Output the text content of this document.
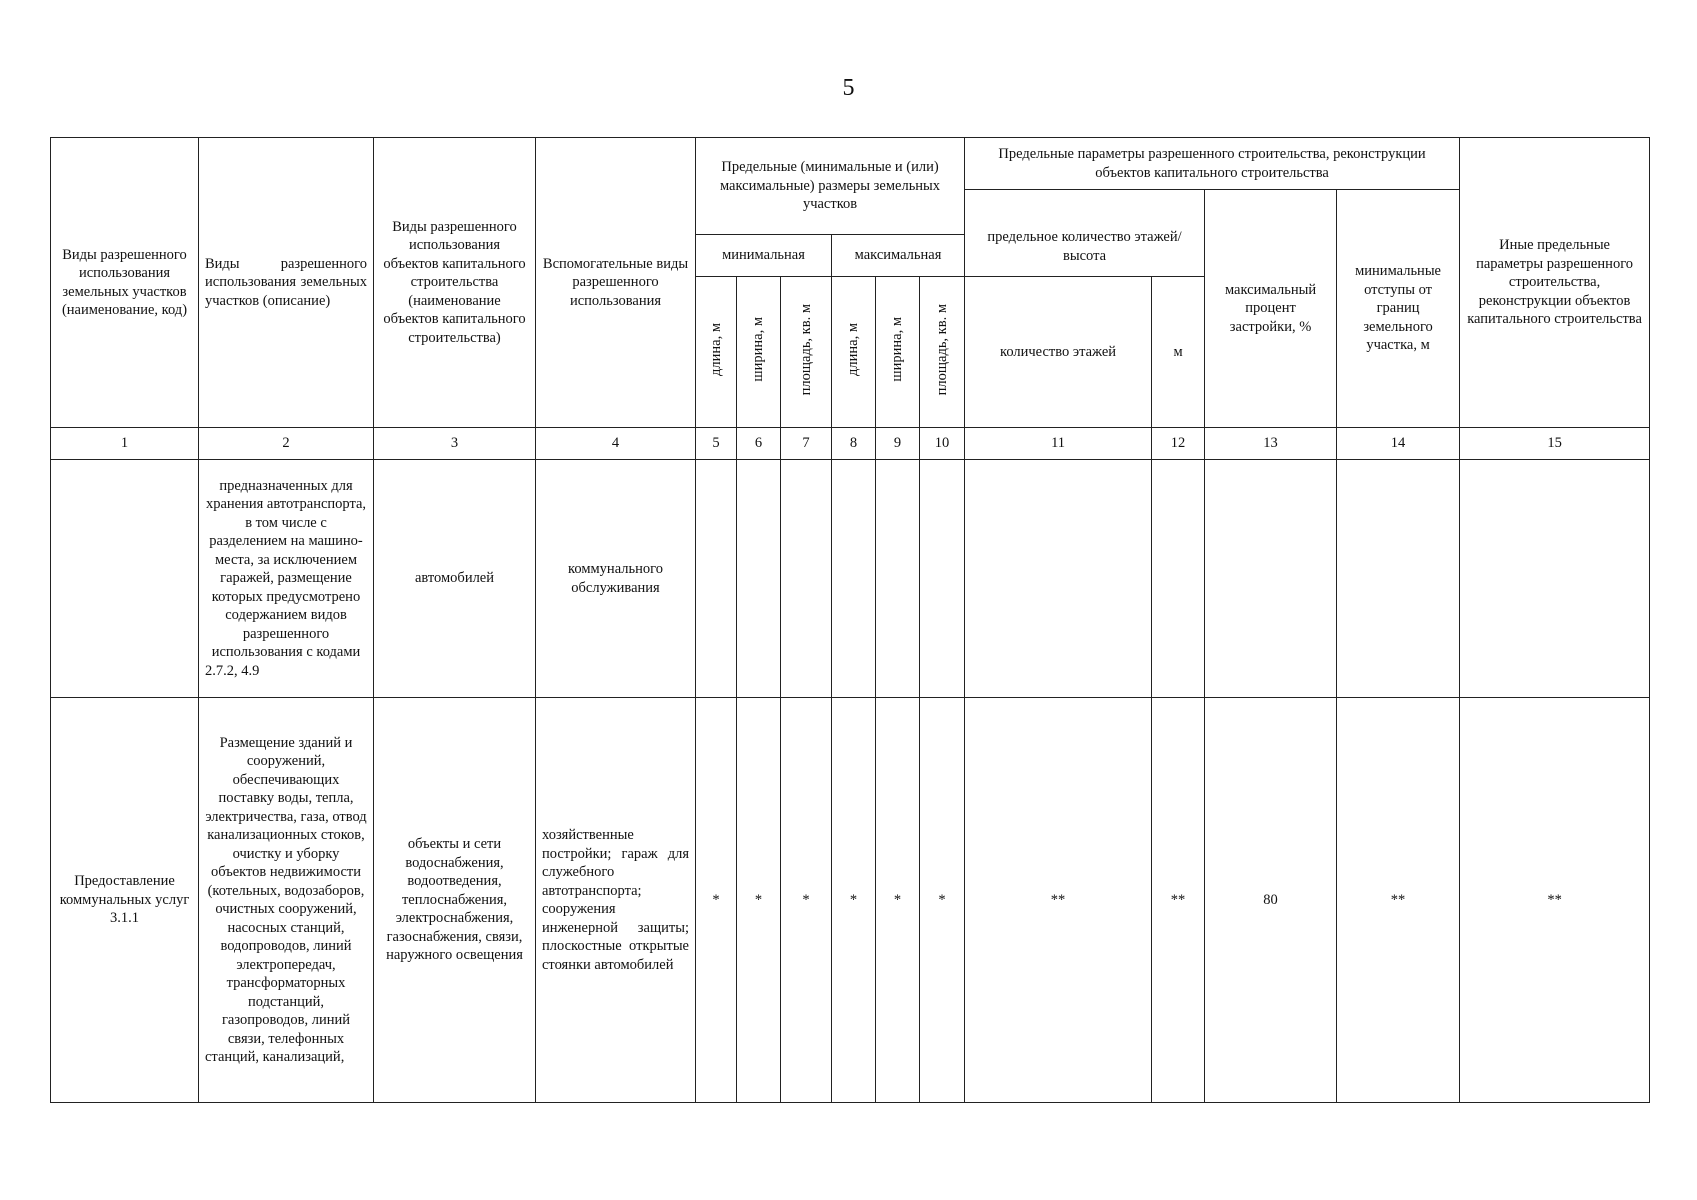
5
Виды разрешенного использования земельных участков (наименование, код)	Виды разрешенного использования земельных участков (описание)	Виды разрешенного использования объектов капитального строительства (наименование объектов капитального строительства)	Вспомогательные виды разрешенного использования	Предельные (минимальные и (или) максимальные) размеры земельных участков						Предельные параметры разрешенного строительства, реконструкции объектов капитального строительства				Иные предельные параметры разрешенного строительства, реконструкции объектов капитального строительства
										предельное количество этажей/высота		максимальный процент застройки, %	минимальные отступы от границ земельного участка, м	
				минимальная			максимальная							
				длина, м	ширина, м	площадь, кв. м	длина, м	ширина, м	площадь, кв. м	количество этажей	м			
1	2	3	4	5	6	7	8	9	10	11	12	13	14	15
	предназначенных для хранения автотранспорта, в том числе с разделением на машино-места, за исключением гаражей, размещение которых предусмотрено содержанием видов разрешенного использования с кодами 2.7.2, 4.9	автомобилей	коммунального обслуживания											
Предоставление коммунальных услуг 3.1.1	Размещение зданий и сооружений, обеспечивающих поставку воды, тепла, электричества, газа, отвод канализационных стоков, очистку и уборку объектов недвижимости (котельных, водозаборов, очистных сооружений, насосных станций, водопроводов, линий электропередач, трансформаторных подстанций, газопроводов, линий связи, телефонных станций, канализаций,	объекты и сети водоснабжения, водоотведения, теплоснабжения, электроснабжения, газоснабжения, связи, наружного освещения	хозяйственные постройки; гараж для служебного автотранспорта; сооружения инженерной защиты; плоскостные открытые стоянки автомобилей	*	*	*	*	*	*	**	**	80	**	**
